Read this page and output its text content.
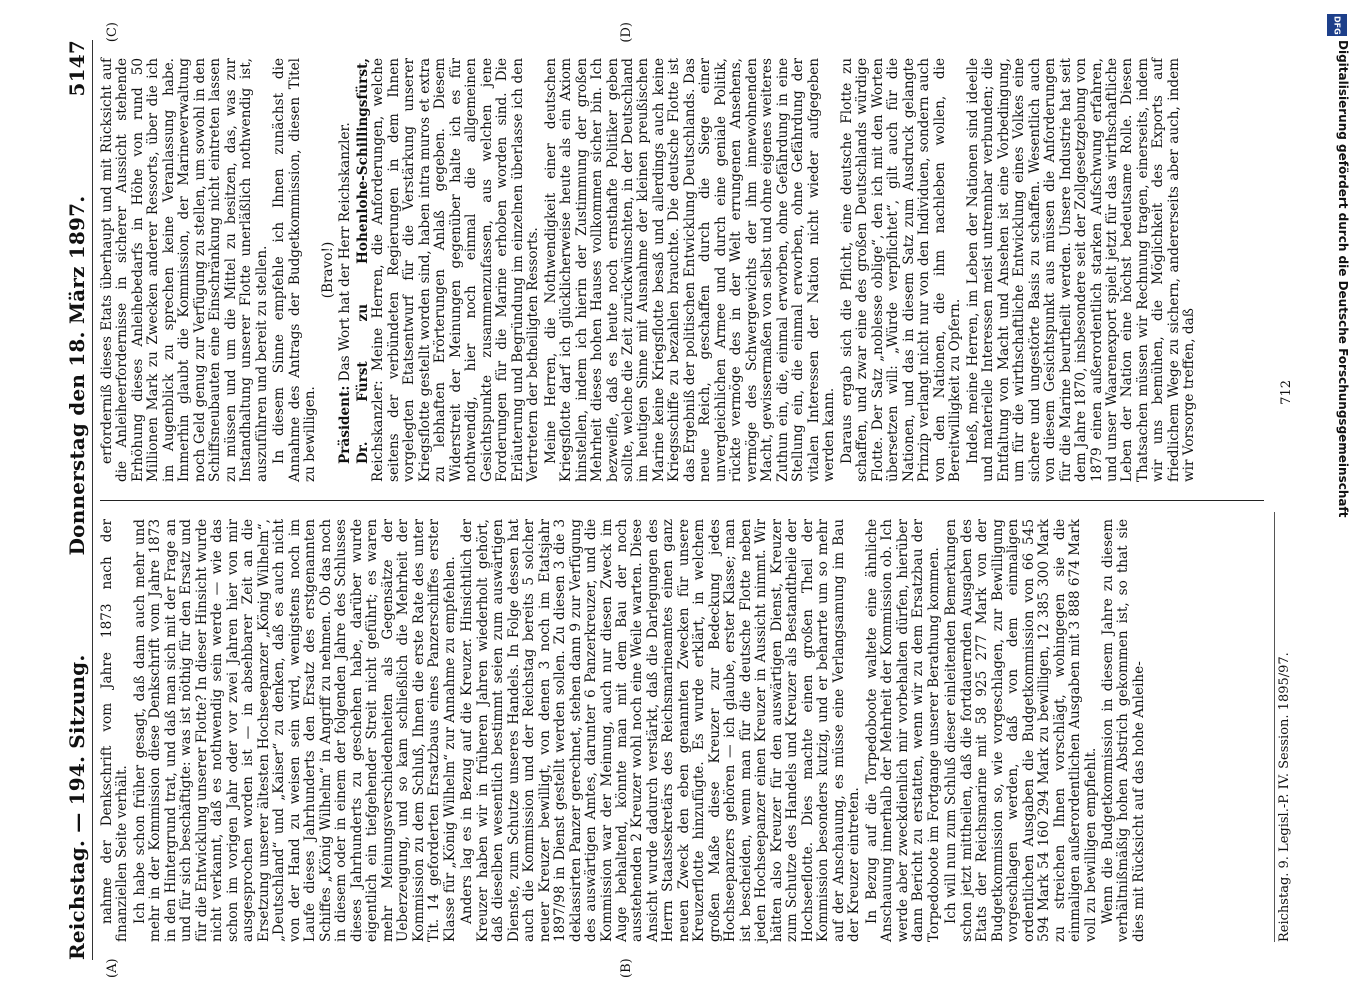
Reichstag. — 194. Sitzung.
Donnerstag den 18. März 1897.
5147
(A)	(B)

nahme der Denkschrift vom Jahre 1873 nach der finanziellen Seite verhält. Ich habe schon früher gesagt, daß dann auch mehr und mehr in der Kommission diese Denkschrift vom Jahre 1873 in den Hintergrund trat, und daß man sich mit der Frage an und für sich beschäftigte: was ist nöthig für den Ersatz und für die Entwicklung unserer Flotte? In dieser Hinsicht wurde nicht verkannt, daß es nothwendig sein werde — wie das schon im vorigen Jahr oder vor zwei Jahren hier von mir ausgesprochen worden ist — in absehbarer Zeit an die Ersetzung unserer ältesten Hochseepanzer „König Wilhelm“, „Deutschland“ und „Kaiser“ zu denken, daß es auch nicht von der Hand zu weisen sein wird, wenigstens noch im Laufe dieses Jahrhunderts den Ersatz des erstgenannten Schiffes „König Wilhelm“ in Angriff zu nehmen. Ob das noch in diesem oder in einem der folgenden Jahre des Schlusses dieses Jahrhunderts zu geschehen habe, darüber wurde eigentlich ein tiefgehender Streit nicht geführt; es waren mehr Meinungsverschiedenheiten als Gegensätze der Ueberzeugung, und so kam schließlich die Mehrheit der Kommission zu dem Schluß, Ihnen die erste Rate des unter Tit. 14 geforderten Ersatzbaus eines Panzerschiffes erster Klasse für „König Wilhelm“ zur Annahme zu empfehlen. Anders lag es in Bezug auf die Kreuzer. Hinsichtlich der Kreuzer haben wir in früheren Jahren wiederholt gehört, daß dieselben wesentlich bestimmt seien zum auswärtigen Dienste, zum Schutze unseres Handels. In Folge dessen hat auch die Kommission und der Reichstag bereits 5 solcher neuer Kreuzer bewilligt, von denen 3 noch im Etatsjahr 1897/98 in Dienst gestellt werden sollen. Zu diesen 3 die 3 deklassirten Panzer gerechnet, stehen dann 9 zur Verfügung des auswärtigen Amtes, darunter 6 Panzerkreuzer, und die Kommission war der Meinung, auch nur diesen Zweck im Auge behaltend, könnte man mit dem Bau der noch ausstehenden 2 Kreuzer wohl noch eine Weile warten. Diese Ansicht wurde dadurch verstärkt, daß die Darlegungen des Herrn Staatssekretärs des Reichsmarineamtes einen ganz neuen Zweck den eben genannten Zwecken für unsere Kreuzerflotte hinzufügte. Es wurde erklärt, in welchem großen Maße diese Kreuzer zur Bedeckung jedes Hochseepanzers gehören — ich glaube, erster Klasse; man ist bescheiden, wenn man für die deutsche Flotte neben jeden Hochseepanzer einen Kreuzer in Aussicht nimmt. Wir hätten also Kreuzer für den auswärtigen Dienst, Kreuzer zum Schutze des Handels und Kreuzer als Bestandtheile der Hochseeflotte. Dies machte einen großen Theil der Kommission besonders kutzig, und er beharrte um so mehr auf der Anschauung, es müsse eine Verlangsamung im Bau der Kreuzer eintreten. In Bezug auf die Torpedoboote waltete eine ähnliche Anschauung innerhalb der Mehrheit der Kommission ob. Ich werde aber zweckdienlich mir vorbehalten dürfen, hierüber dann Bericht zu erstatten, wenn wir zu dem Ersatzbau der Torpedoboote im Fortgange unserer Berathung kommen. Ich will nun zum Schluß dieser einleitenden Bemerkungen schon jetzt mittheilen, daß die fortdauernden Ausgaben des Etats der Reichsmarine mit 58 925 277 Mark von der Budgetkommission so, wie vorgeschlagen, zur Bewilligung vorgeschlagen werden, daß von dem einmaligen ordentlichen Ausgaben die Budgetkommission von 66 545 594 Mark 54 160 294 Mark zu bewilligen, 12 385 300 Mark zu streichen Ihnen vorschlägt, wohingegen sie die einmaligen außerordentlichen Ausgaben mit 3 888 674 Mark voll zu bewilligen empfiehlt. Wenn die Budgetkommission in diesem Jahre zu diesem verhältnißmäßig hohen Abstrich gekommen ist, so that sie dies mit Rücksicht auf das hohe Anleihe-

(C)	(D)

erforderniß dieses Etats überhaupt und mit Rücksicht auf die Anleiheerfordernisse in sicherer Aussicht stehende Erhöhung dieses Anleihebedarfs in Höhe von rund 50 Millionen Mark zu Zwecken anderer Ressorts, über die ich im Augenblick zu sprechen keine Veranlassung habe. Immerhin glaubt die Kommission, der Marineverwaltung noch Geld genug zur Verfügung zu stellen, um sowohl in den Schiffsneubauten eine Einschränkung nicht eintreten lassen zu müssen und um die Mittel zu besitzen, das, was zur Instandhaltung unserer Flotte unerläßlich nothwendig ist, auszuführen und bereit zu stellen. In diesem Sinne empfehle ich Ihnen zunächst die Annahme des Antrags der Budgetkommission, diesen Titel zu bewilligen.

(Bravo!)

Präsident: Das Wort hat der Herr Reichskanzler. Dr. Fürst zu Hohenlohe-Schillingsfürst, Reichskanzler: Meine Herren, die Anforderungen, welche seitens der verbündeten Regierungen in dem Ihnen vorgelegten Etatsentwurf für die Verstärkung unserer Kriegsflotte gestellt worden sind, haben intra muros et extra zu lebhaften Erörterungen Anlaß gegeben. Diesem Widerstreit der Meinungen gegenüber halte ich es für nothwendig, hier noch einmal die allgemeinen Gesichtspunkte zusammenzufassen, aus welchen jene Forderungen für die Marine erhoben worden sind. Die Erläuterung und Begründung im einzelnen überlasse ich den Vertretern der betheiligten Ressorts. Meine Herren, die Nothwendigkeit einer deutschen Kriegsflotte darf ich glücklicherweise heute als ein Axiom hinstellen, indem ich hierin der Zustimmung der großen Mehrheit dieses hohen Hauses vollkommen sicher bin. Ich bezweifle, daß es heute noch ernsthafte Politiker geben sollte, welche die Zeit zurückwünschten, in der Deutschland im heutigen Sinne mit Ausnahme der kleinen preußischen Marine keine Kriegsflotte besaß und allerdings auch keine Kriegsschiffe zu bezahlen brauchte. Die deutsche Flotte ist das Ergebniß der politischen Entwicklung Deutschlands. Das neue Reich, geschaffen durch die Siege einer unvergleichlichen Armee und durch eine geniale Politik, rückte vermöge des in der Welt errungenen Ansehens, vermöge des Schwergewichts der ihm innewohnenden Macht, gewissermaßen von selbst und ohne eigenes weiteres Zuthun ein, die, einmal erworben, ohne Gefährdung in eine Stellung ein, die einmal erworben, ohne Gefährdung der vitalen Interessen der Nation nicht wieder aufgegeben werden kann. Daraus ergab sich die Pflicht, eine deutsche Flotte zu schaffen, und zwar eine des großen Deutschlands würdige Flotte. Der Satz „noblesse oblige“, den ich mit den Worten übersetzen will: „Würde verpflichtet“, gilt auch für die Nationen, und das in diesem Satz zum Ausdruck gelangte Prinzip verlangt nicht nur von den Individuen, sondern auch von den Nationen, die ihm nachleben wollen, die Bereitwilligkeit zu Opfern. Indeß, meine Herren, im Leben der Nationen sind ideelle und materielle Interessen meist untrennbar verbunden; die Entfaltung von Macht und Ansehen ist eine Vorbedingung, um für die wirthschaftliche Entwicklung eines Volkes eine sichere und ungestörte Basis zu schaffen. Wesentlich auch von diesem Gesichtspunkt aus müssen die Anforderungen für die Marine beurtheilt werden. Unsere Industrie hat seit dem Jahre 1870, insbesondere seit der Zollgesetzgebung von 1879 einen außerordentlich starken Aufschwung erfahren, und unser Waarenexport spielt jetzt für das wirthschaftliche Leben der Nation eine höchst bedeutsame Rolle. Diesen Thatsachen müssen wir Rechnung tragen, einerseits, indem wir uns bemühen, die Möglichkeit des Exports auf friedlichem Wege zu sichern, andererseits aber auch, indem wir Vorsorge treffen, daß

Reichstag. 9. Legisl.-P. IV. Session. 1895/97.
712
DFG
Digitalisierung gefördert durch die Deutsche Forschungsgemeinschaft
